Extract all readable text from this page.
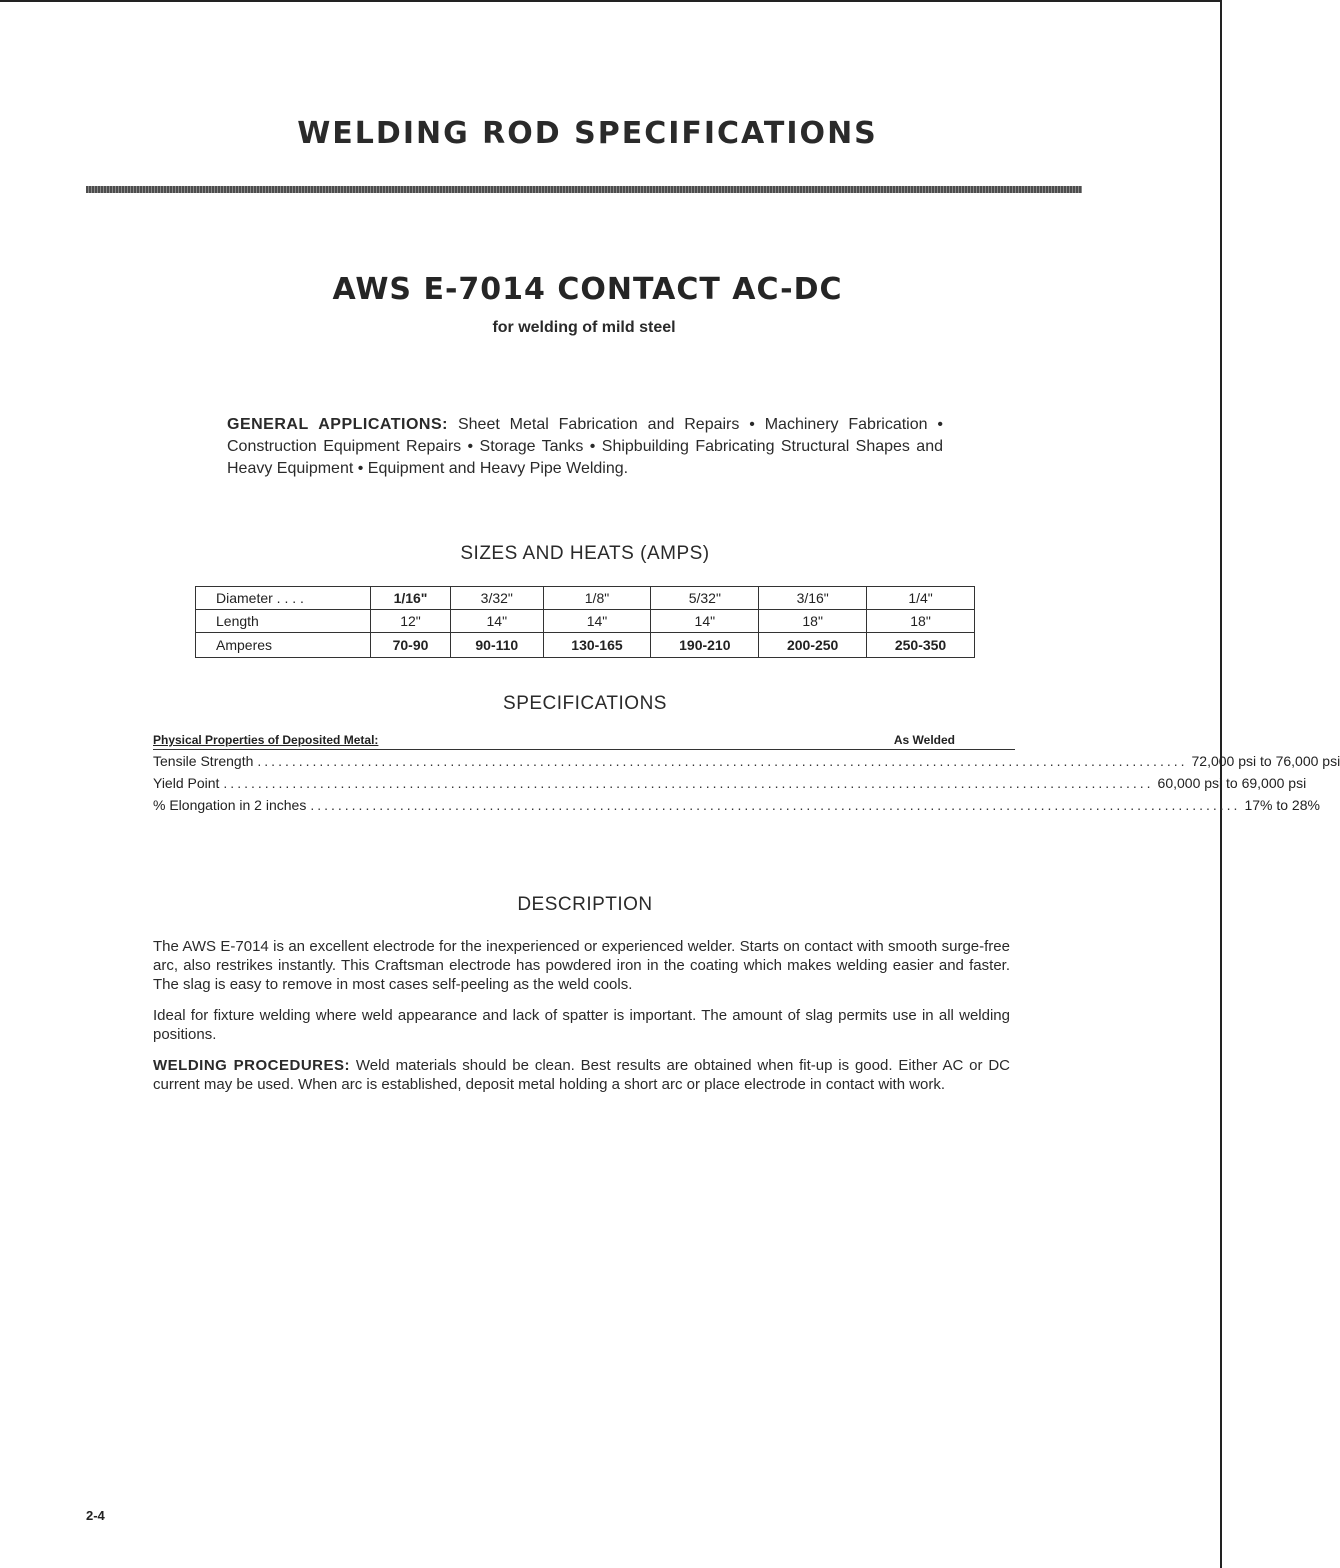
WELDING ROD SPECIFICATIONS
AWS E-7014 CONTACT AC-DC
for welding of mild steel
GENERAL APPLICATIONS: Sheet Metal Fabrication and Repairs • Machinery Fabrication • Construction Equipment Repairs • Storage Tanks • Shipbuilding Fabricating Structural Shapes and Heavy Equipment • Equipment and Heavy Pipe Welding.
SIZES AND HEATS (AMPS)
Diameter . . . .	1/16"	3/32"	1/8"	5/32"	3/16"	1/4"
Length	12"	14"	14"	14"	18"	18"
Amperes	70-90	90-110	130-165	190-210	200-250	250-350
SPECIFICATIONS
Physical Properties of Deposited Metal:	As Welded
Tensile Strength ....................................................................................................................................... 72,000 psi to 76,000 psi
Yield Point ....................................................................................................................................... 60,000 psi to 69,000 psi
% Elongation in 2 inches ....................................................................................................................................... 17% to 28%
DESCRIPTION

The AWS E-7014 is an excellent electrode for the inexperienced or experienced welder. Starts on contact with smooth surge-free arc, also restrikes instantly. This Craftsman electrode has powdered iron in the coating which makes welding easier and faster. The slag is easy to remove in most cases self-peeling as the weld cools.

Ideal for fixture welding where weld appearance and lack of spatter is important. The amount of slag permits use in all welding positions.

WELDING PROCEDURES: Weld materials should be clean. Best results are obtained when fit-up is good. Either AC or DC current may be used. When arc is established, deposit metal holding a short arc or place electrode in contact with work.

2-4
